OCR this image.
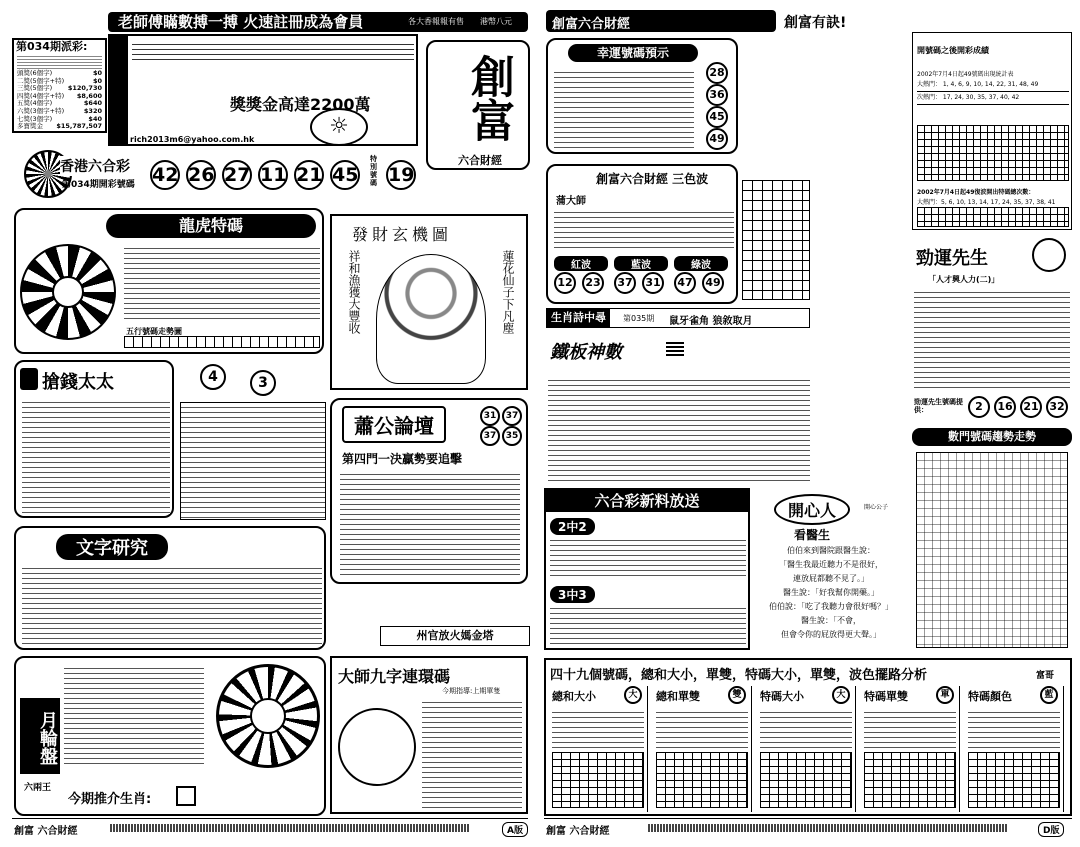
老師傅瞞數搏一搏 火速註冊成為會員	各大香報報有售 港幣八元
第034期派彩:
頭獎(6個字)	$0
二獎(5個字+特)	$0
三獎(5個字) $120,730
四獎(4個字+特) $8,600
五獎(4個字)	$640
六獎(3個字+特)	$320
七獎(3個字)	$40
多寶獎金 $15,787,507
獎獎金高達2200萬
☼
rich2013m6@yahoo.com.hk	創富
六合財經
香港六合彩
第034期開彩號碼 42 26 27 11 21 45
特別號碼 19
龍虎特碼
五行號碼走勢圖
發財玄機圖
祥和漁獲大豐收	蓮花仙子下凡塵
搶錢太太	4	3
蕭公論壇	31	37
37	35
第四門一決贏勢要追擊
文字研究
州官放火媽金塔
大師九字連環碼
今期指導:上期單隻
月輪盤
六兩王
今期推介生肖:
創富 六合財經	A版
創富六合財經	創富有訣!
幸運號碼預示
28
36
45
49
蒲大師
創富六合財經 三色波
紅波
12	23
藍波
37	31
綠波
47	49
生肖詩中尋	第035期 鼠牙雀角 狼敘取月
鐵板神數
六合彩新料放送
2中2
3中3
開心人	開心公子
看醫生
伯伯來到醫院跟醫生說：
「醫生我最近聽力不是很好，
連放屁都聽不見了。」
醫生說：「好我幫你開藥。」
伯伯說：「吃了我聽力會很好嗎？」
醫生說：「不會，
但會令你的屁放得更大聲。」
開號碼之後開彩成績
2002年7月4日起49號碼出現統計表
大熱門： 1, 4, 6, 9, 10, 14, 22, 31, 48, 49
次熱門： 17, 24, 30, 35, 37, 40, 42
2002年7月4日起49復波開出特碼總次數：
大熱門：5, 6, 10, 13, 14, 17, 24, 35, 37, 38, 41
勁運先生
「人才興人力(二)」
勁運先生號碼提供：	2	16 21 32
數門號碼趨勢走勢
四十九個號碼，總和大小，單雙，特碼大小，單雙，波色擺路分析	富哥
總和大小	大	總和單雙	雙	特碼大小	大	特碼單雙	單	特碼顏色	藍
創富 六合財經	D版
